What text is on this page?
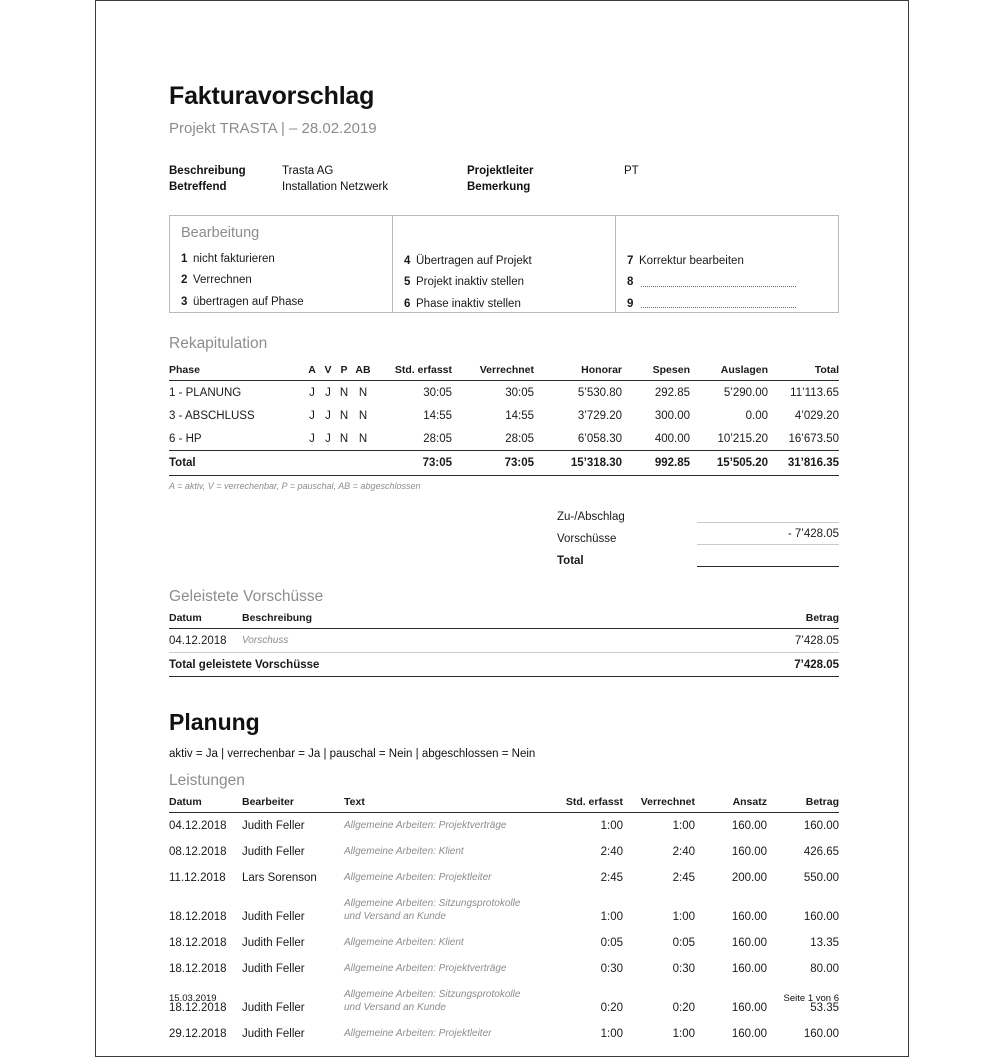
Fakturavorschlag
Projekt TRASTA | – 28.02.2019
Beschreibung	Trasta AG	Projektleiter	PT
Betreffend	Installation Netzwerk	Bemerkung
Bearbeitung
1 nicht fakturieren
2 Verrechnen
3 übertragen auf Phase
4 Übertragen auf Projekt
5 Projekt inaktiv stellen
6 Phase inaktiv stellen
7 Korrektur bearbeiten
8
9
Rekapitulation
Phase	A	V	P	AB	Std. erfasst	Verrechnet	Honorar	Spesen	Auslagen	Total
1 - PLANUNG	J	J	N	N	30:05	30:05	5’530.80	292.85	5’290.00	11’113.65
3 - ABSCHLUSS	J	J	N	N	14:55	14:55	3’729.20	300.00	0.00	4’029.20
6 - HP	J	J	N	N	28:05	28:05	6’058.30	400.00	10’215.20	16’673.50
Total					73:05	73:05	15’318.30	992.85	15’505.20	31’816.35
A = aktiv, V = verrechenbar, P = pauschal, AB = abgeschlossen
Zu-/Abschlag
Vorschüsse	- 7’428.05
Total
Geleistete Vorschüsse
Datum	Beschreibung	Betrag
04.12.2018	Vorschuss	7’428.05
Total geleistete Vorschüsse		7’428.05
Planung
aktiv = Ja | verrechenbar = Ja | pauschal = Nein | abgeschlossen = Nein
Leistungen
Datum	Bearbeiter	Text	Std. erfasst	Verrechnet	Ansatz	Betrag
04.12.2018	Judith Feller	Allgemeine Arbeiten: Projektverträge	1:00	1:00	160.00	160.00
08.12.2018	Judith Feller	Allgemeine Arbeiten: Klient	2:40	2:40	160.00	426.65
11.12.2018	Lars Sorenson	Allgemeine Arbeiten: Projektleiter	2:45	2:45	200.00	550.00
18.12.2018	Judith Feller	Allgemeine Arbeiten: Sitzungsprotokolle und Versand an Kunde	1:00	1:00	160.00	160.00
18.12.2018	Judith Feller	Allgemeine Arbeiten: Klient	0:05	0:05	160.00	13.35
18.12.2018	Judith Feller	Allgemeine Arbeiten: Projektverträge	0:30	0:30	160.00	80.00
18.12.2018	Judith Feller	Allgemeine Arbeiten: Sitzungsprotokolle und Versand an Kunde	0:20	0:20	160.00	53.35
29.12.2018	Judith Feller	Allgemeine Arbeiten: Projektleiter	1:00	1:00	160.00	160.00
15.03.2019	Seite 1 von 6
